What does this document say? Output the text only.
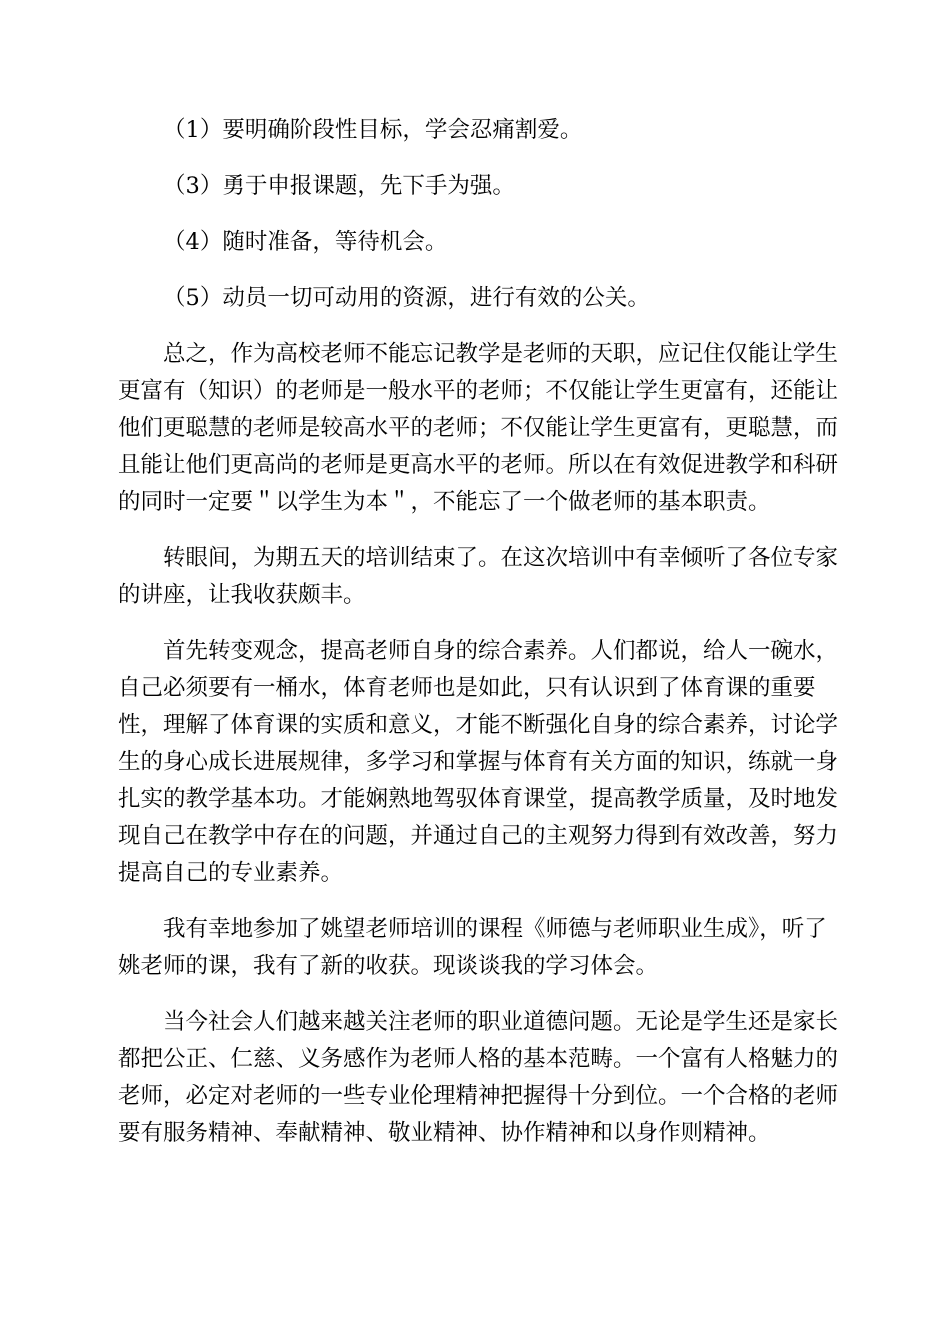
（1）要明确阶段性目标，学会忍痛割爱。

（3）勇于申报课题，先下手为强。

（4）随时准备，等待机会。

（5）动员一切可动用的资源，进行有效的公关。

总之，作为高校老师不能忘记教学是老师的天职，应记住仅能让学生
更富有（知识）的老师是一般水平的老师；不仅能让学生更富有，还能让
他们更聪慧的老师是较高水平的老师；不仅能让学生更富有，更聪慧，而
且能让他们更高尚的老师是更高水平的老师。所以在有效促进教学和科研
的同时一定要＂以学生为本＂，不能忘了一个做老师的基本职责。

转眼间，为期五天的培训结束了。在这次培训中有幸倾听了各位专家
的讲座，让我收获颇丰。

首先转变观念，提高老师自身的综合素养。人们都说，给人一碗水，
自己必须要有一桶水，体育老师也是如此，只有认识到了体育课的重要
性，理解了体育课的实质和意义，才能不断强化自身的综合素养，讨论学
生的身心成长进展规律，多学习和掌握与体育有关方面的知识，练就一身
扎实的教学基本功。才能娴熟地驾驭体育课堂，提高教学质量，及时地发
现自己在教学中存在的问题，并通过自己的主观努力得到有效改善，努力
提高自己的专业素养。

我有幸地参加了姚望老师培训的课程《师德与老师职业生成》，听了
姚老师的课，我有了新的收获。现谈谈我的学习体会。

当今社会人们越来越关注老师的职业道德问题。无论是学生还是家长
都把公正、仁慈、义务感作为老师人格的基本范畴。一个富有人格魅力的
老师，必定对老师的一些专业伦理精神把握得十分到位。一个合格的老师
要有服务精神、奉献精神、敬业精神、协作精神和以身作则精神。
